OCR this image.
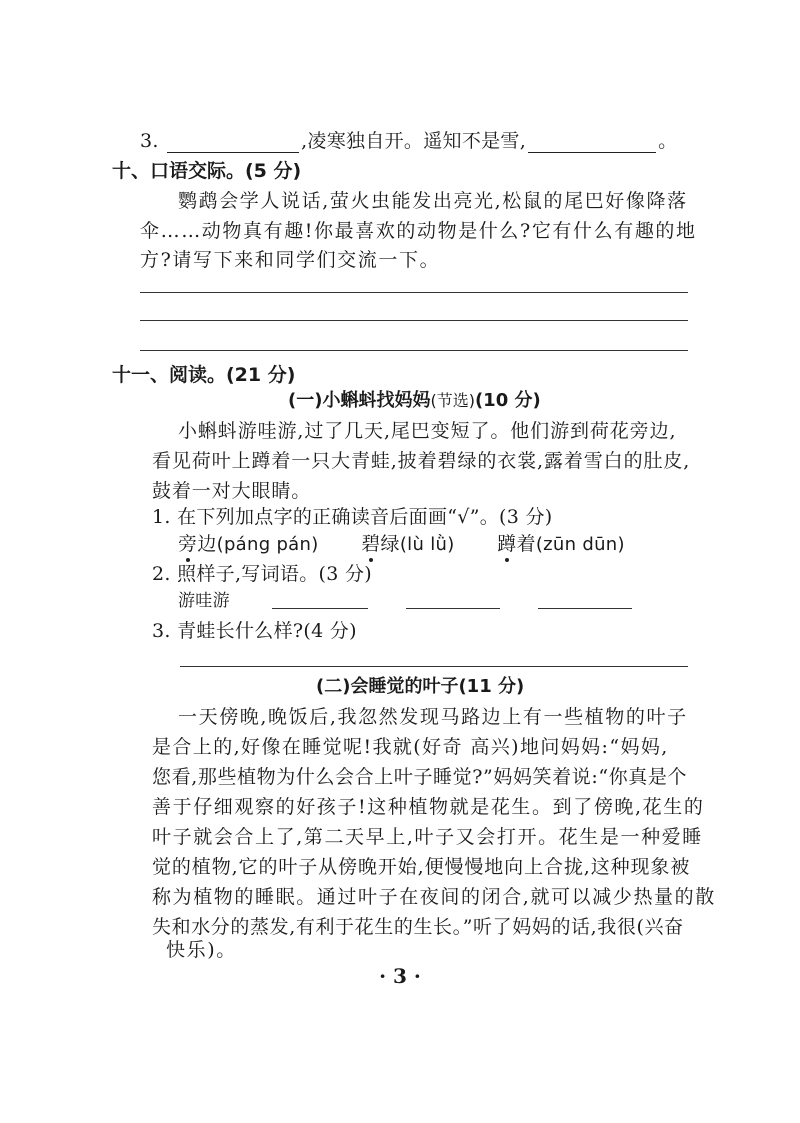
3.	,凌寒独自开。遥知不是雪,	。
十、口语交际。(5 分)
鹦鹉会学人说话,萤火虫能发出亮光,松鼠的尾巴好像降落
伞……动物真有趣!你最喜欢的动物是什么?它有什么有趣的地
方?请写下来和同学们交流一下。
十一、阅读。(21 分)
(一)小蝌蚪找妈妈(节选)(10 分)
小蝌蚪游哇游,过了几天,尾巴变短了。他们游到荷花旁边,
看见荷叶上蹲着一只大青蛙,披着碧绿的衣裳,露着雪白的肚皮,
鼓着一对大眼睛。
1. 在下列加点字的正确读音后面画“√”。(3 分)
旁边(páng pán) 碧绿(lù lǜ) 蹲着(zūn dūn)
2. 照样子,写词语。(3 分)
游哇游
3. 青蛙长什么样?(4 分)
(二)会睡觉的叶子(11 分)
一天傍晚,晚饭后,我忽然发现马路边上有一些植物的叶子
是合上的,好像在睡觉呢!我就(好奇 高兴)地问妈妈:“妈妈,
您看,那些植物为什么会合上叶子睡觉?”妈妈笑着说:“你真是个
善于仔细观察的好孩子!这种植物就是花生。到了傍晚,花生的
叶子就会合上了,第二天早上,叶子又会打开。花生是一种爱睡
觉的植物,它的叶子从傍晚开始,便慢慢地向上合拢,这种现象被
称为植物的睡眠。通过叶子在夜间的闭合,就可以减少热量的散
失和水分的蒸发,有利于花生的生长。”听了妈妈的话,我很(兴奋
快乐)。
· 3 ·
